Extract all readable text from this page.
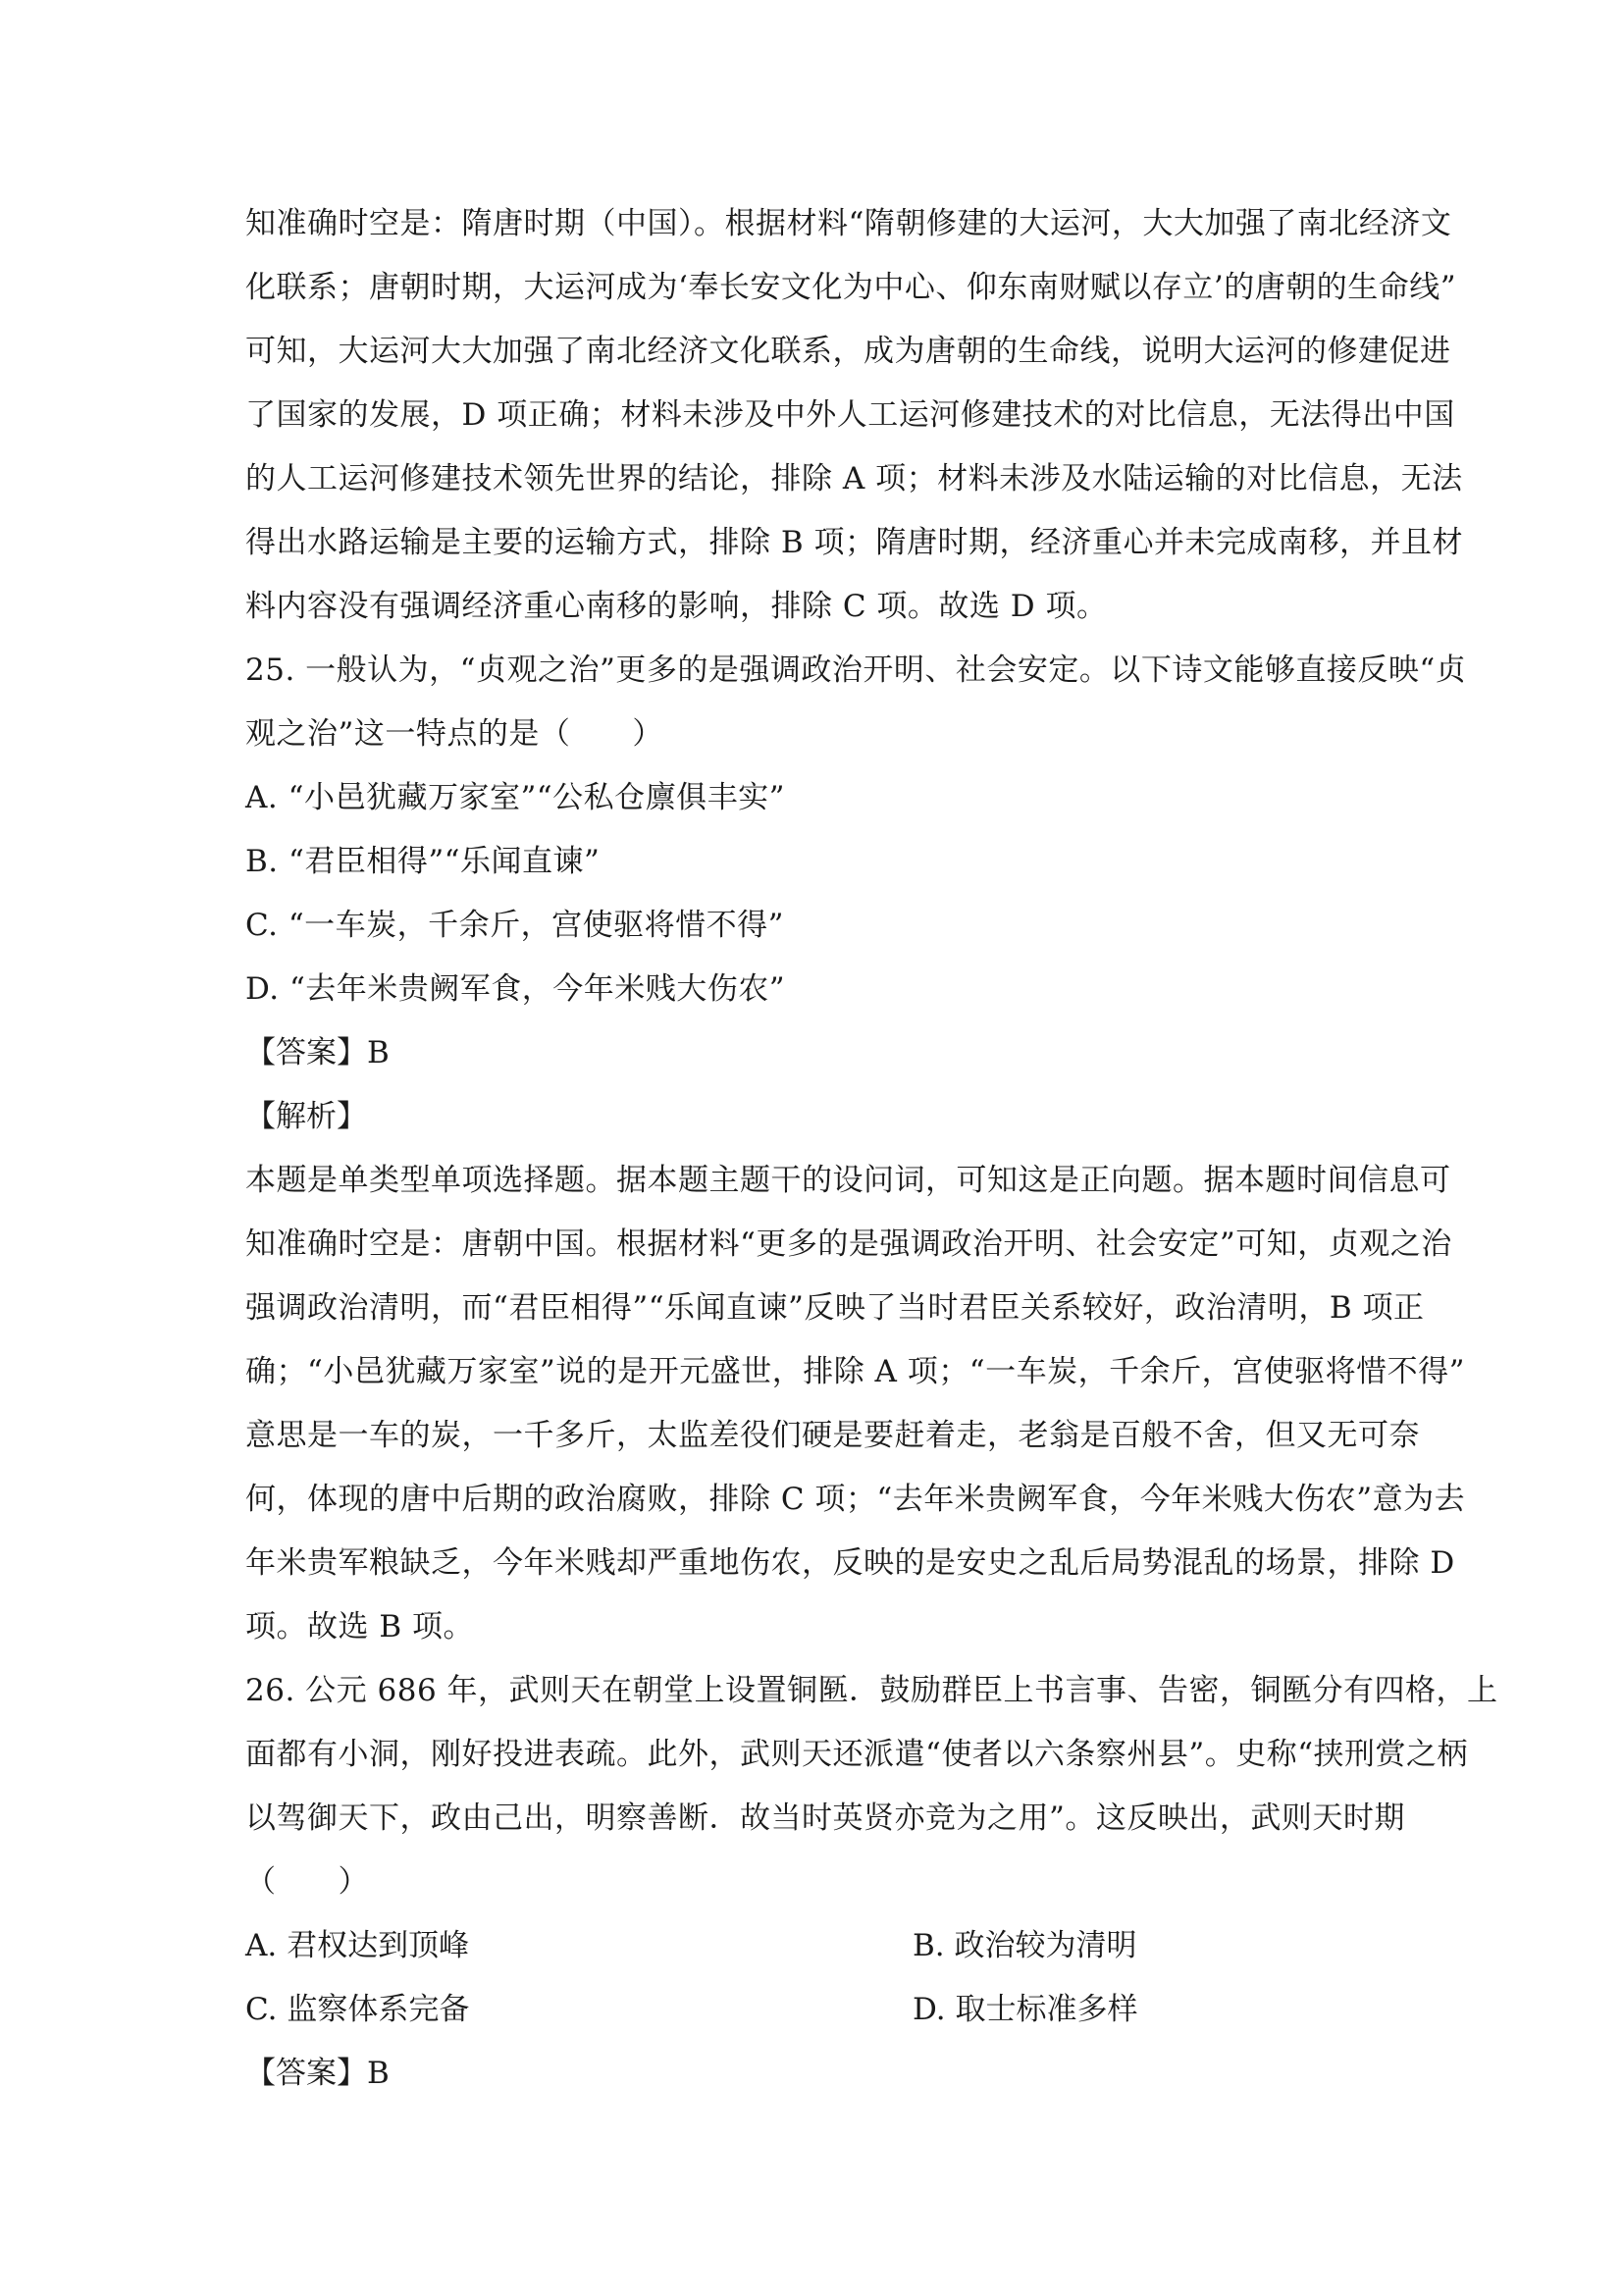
知准确时空是：隋唐时期（中国）。根据材料“隋朝修建的大运河，大大加强了南北经济文
化联系；唐朝时期，大运河成为‘奉长安文化为中心、仰东南财赋以存立’的唐朝的生命线”
可知，大运河大大加强了南北经济文化联系，成为唐朝的生命线，说明大运河的修建促进
了国家的发展，D 项正确；材料未涉及中外人工运河修建技术的对比信息，无法得出中国
的人工运河修建技术领先世界的结论，排除 A 项；材料未涉及水陆运输的对比信息，无法
得出水路运输是主要的运输方式，排除 B 项；隋唐时期，经济重心并未完成南移，并且材
料内容没有强调经济重心南移的影响，排除 C 项。故选 D 项。
25. 一般认为，“贞观之治”更多的是强调政治开明、社会安定。以下诗文能够直接反映“贞
观之治”这一特点的是（　　）
A. “小邑犹藏万家室”“公私仓廪俱丰实”
B. “君臣相得”“乐闻直谏”
C. “一车炭，千余斤，宫使驱将惜不得”
D. “去年米贵阙军食，今年米贱大伤农”
【答案】B
【解析】
本题是单类型单项选择题。据本题主题干的设问词，可知这是正向题。据本题时间信息可
知准确时空是：唐朝中国。根据材料“更多的是强调政治开明、社会安定”可知，贞观之治
强调政治清明，而“君臣相得”“乐闻直谏”反映了当时君臣关系较好，政治清明，B 项正
确；“小邑犹藏万家室”说的是开元盛世，排除 A 项；“一车炭，千余斤，宫使驱将惜不得”
意思是一车的炭，一千多斤，太监差役们硬是要赶着走，老翁是百般不舍，但又无可奈
何，体现的唐中后期的政治腐败，排除 C 项；“去年米贵阙军食，今年米贱大伤农”意为去
年米贵军粮缺乏，今年米贱却严重地伤农，反映的是安史之乱后局势混乱的场景，排除 D
项。故选 B 项。
26. 公元 686 年，武则天在朝堂上设置铜匦．鼓励群臣上书言事、告密，铜匦分有四格，上
面都有小洞，刚好投进表疏。此外，武则天还派遣“使者以六条察州县”。史称“挟刑赏之柄
以驾御天下，政由己出，明察善断．故当时英贤亦竞为之用”。这反映出，武则天时期
（　　）
A. 君权达到顶峰	B. 政治较为清明
C. 监察体系完备	D. 取士标准多样
【答案】B
